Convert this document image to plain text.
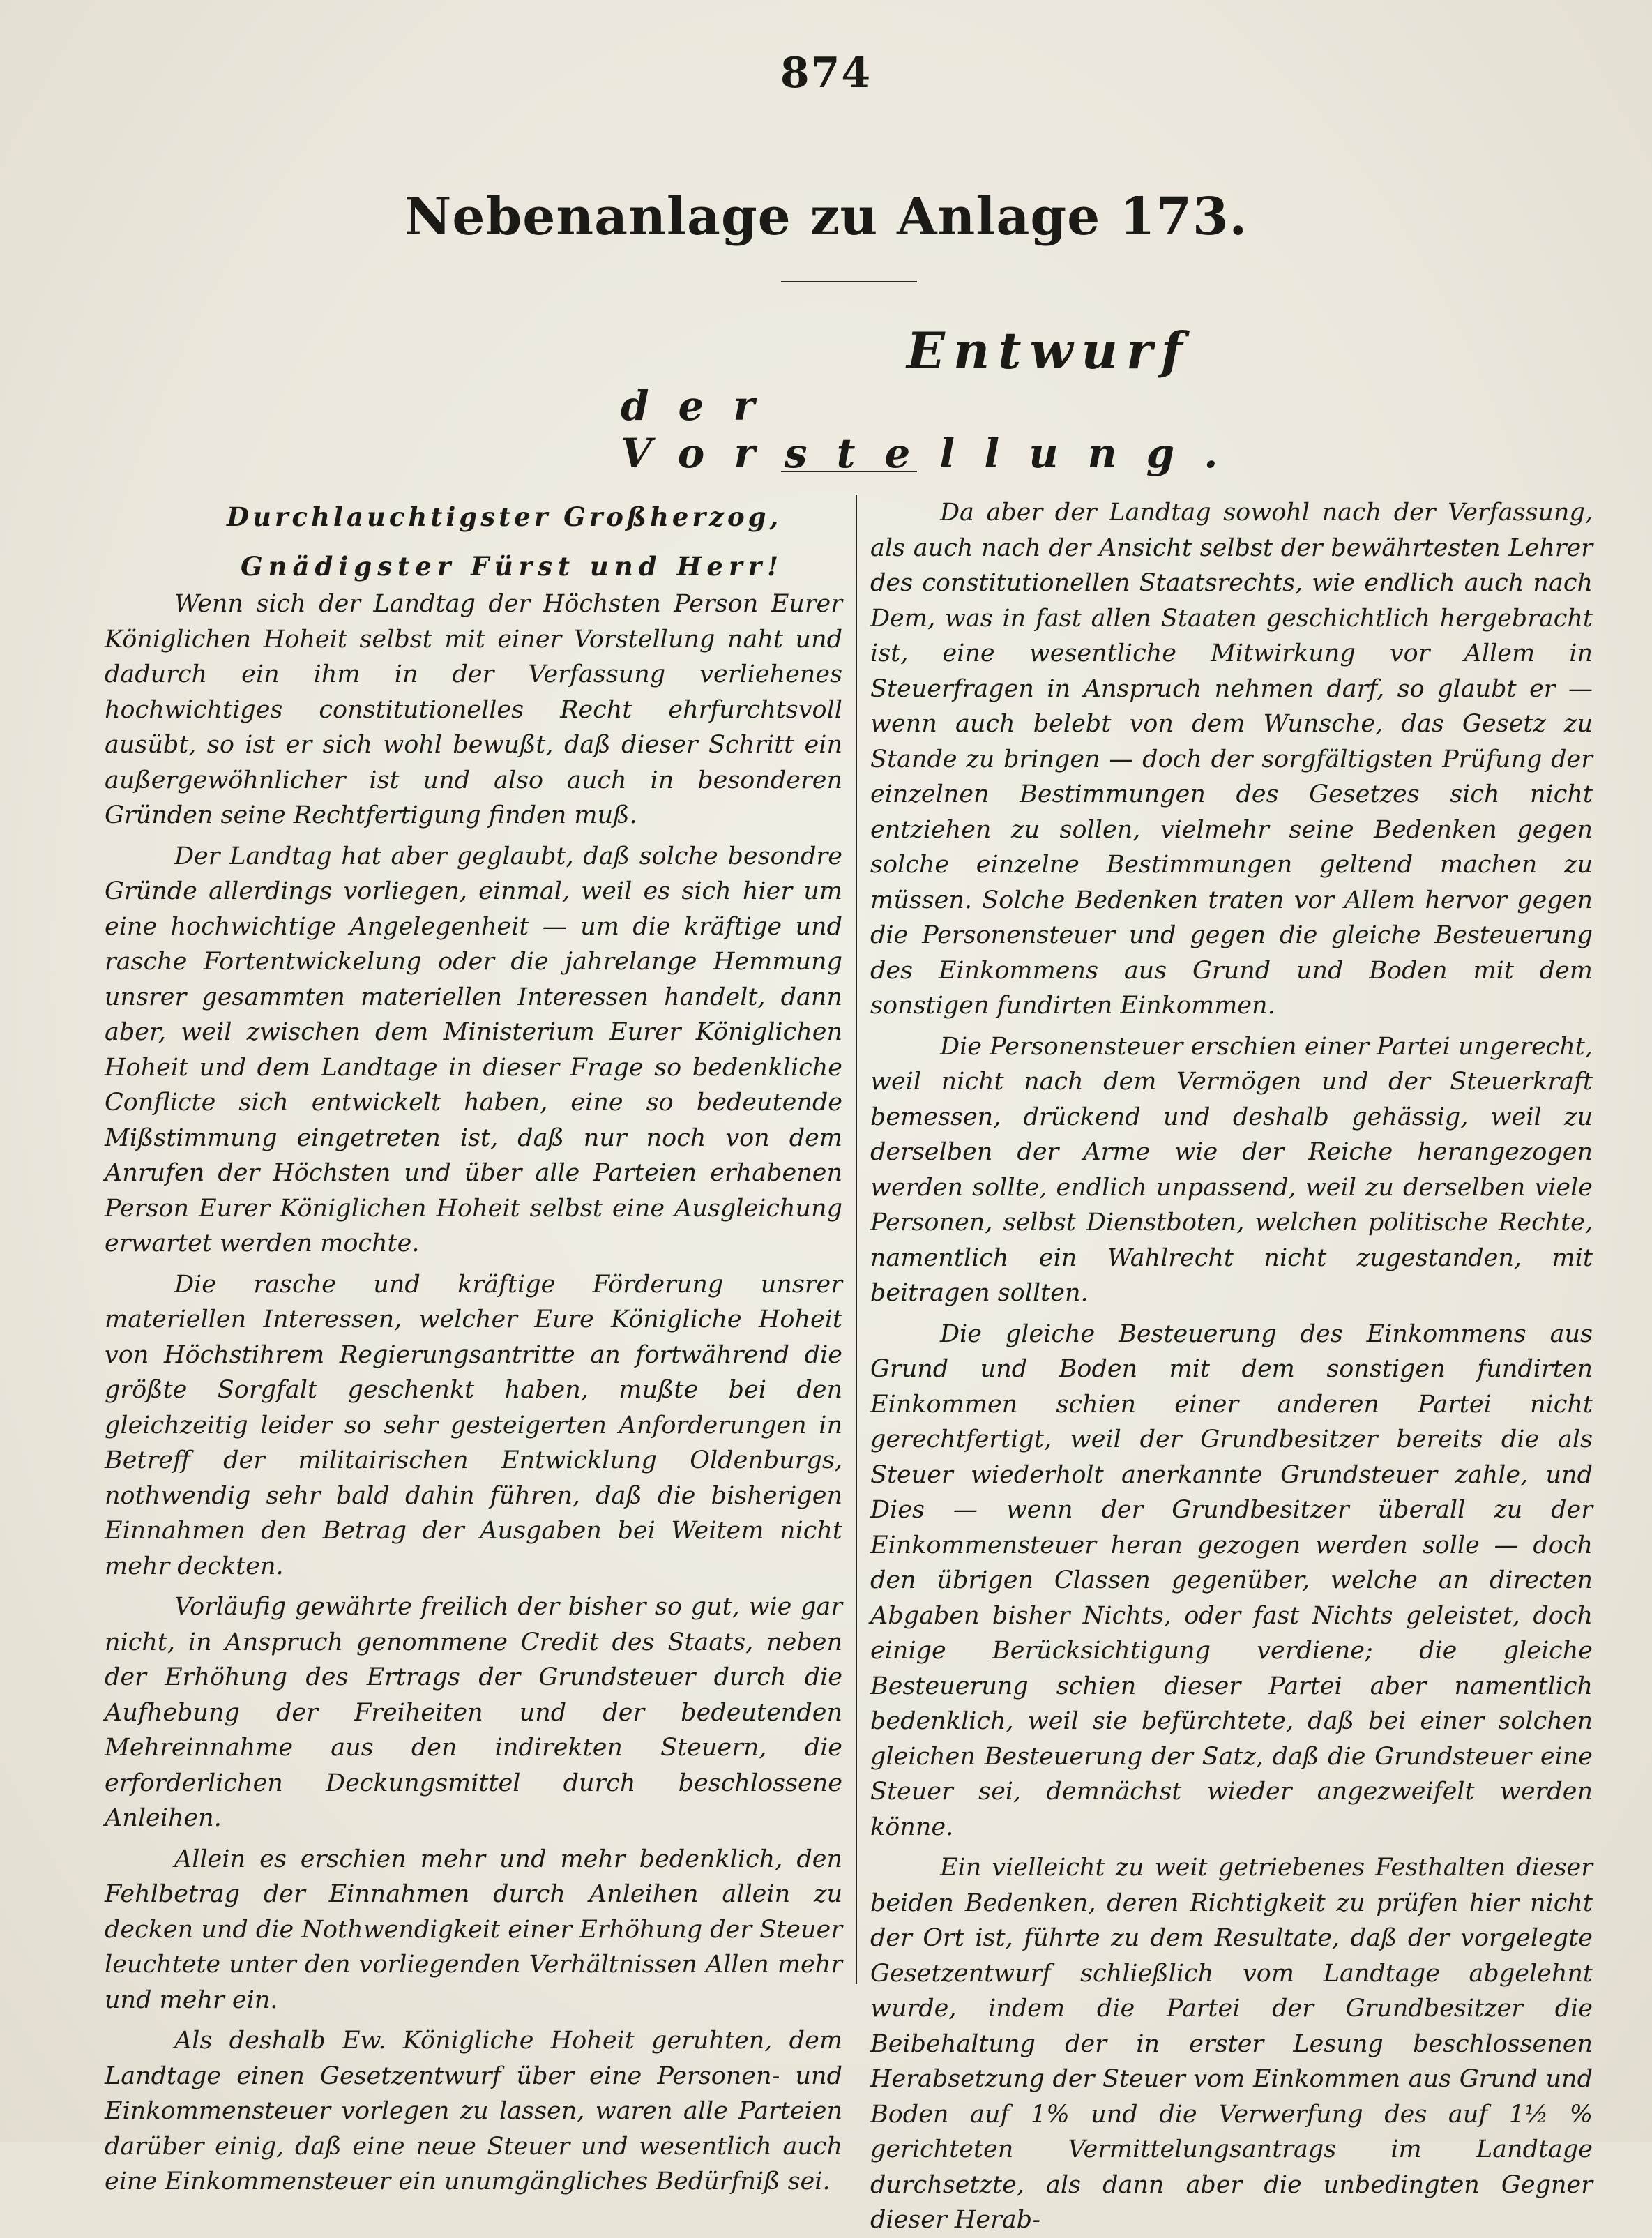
874
Nebenanlage zu Anlage 173.
Entwurf
der Vorstellung.
Durchlauchtigster Großherzog,
Gnädigster Fürst und Herr!

Wenn sich der Landtag der Höchsten Person Eurer Königlichen Hoheit selbst mit einer Vorstellung naht und dadurch ein ihm in der Verfassung verliehenes hochwichtiges constitutionelles Recht ehrfurchtsvoll ausübt, so ist er sich wohl bewußt, daß dieser Schritt ein außergewöhnlicher ist und also auch in besonderen Gründen seine Rechtfertigung finden muß.

Der Landtag hat aber geglaubt, daß solche besondre Gründe allerdings vorliegen, einmal, weil es sich hier um eine hochwichtige Angelegenheit — um die kräftige und rasche Fortentwickelung oder die jahrelange Hemmung unsrer gesammten materiellen Interessen handelt, dann aber, weil zwischen dem Ministerium Eurer Königlichen Hoheit und dem Landtage in dieser Frage so bedenkliche Conflicte sich entwickelt haben, eine so bedeutende Mißstimmung eingetreten ist, daß nur noch von dem Anrufen der Höchsten und über alle Parteien erhabenen Person Eurer Königlichen Hoheit selbst eine Ausgleichung erwartet werden mochte.

Die rasche und kräftige Förderung unsrer materiellen Interessen, welcher Eure Königliche Hoheit von Höchstihrem Regierungsantritte an fortwährend die größte Sorgfalt geschenkt haben, mußte bei den gleichzeitig leider so sehr gesteigerten Anforderungen in Betreff der militairischen Entwicklung Oldenburgs, nothwendig sehr bald dahin führen, daß die bisherigen Einnahmen den Betrag der Ausgaben bei Weitem nicht mehr deckten.

Vorläufig gewährte freilich der bisher so gut, wie gar nicht, in Anspruch genommene Credit des Staats, neben der Erhöhung des Ertrags der Grundsteuer durch die Aufhebung der Freiheiten und der bedeutenden Mehreinnahme aus den indirekten Steuern, die erforderlichen Deckungsmittel durch beschlossene Anleihen.

Allein es erschien mehr und mehr bedenklich, den Fehlbetrag der Einnahmen durch Anleihen allein zu decken und die Nothwendigkeit einer Erhöhung der Steuer leuchtete unter den vorliegenden Verhältnissen Allen mehr und mehr ein.

Als deshalb Ew. Königliche Hoheit geruhten, dem Landtage einen Gesetzentwurf über eine Personen- und Einkommensteuer vorlegen zu lassen, waren alle Parteien darüber einig, daß eine neue Steuer und wesentlich auch eine Einkommensteuer ein unumgängliches Bedürfniß sei.

Da aber der Landtag sowohl nach der Verfassung, als auch nach der Ansicht selbst der bewährtesten Lehrer des constitutionellen Staatsrechts, wie endlich auch nach Dem, was in fast allen Staaten geschichtlich hergebracht ist, eine wesentliche Mitwirkung vor Allem in Steuerfragen in Anspruch nehmen darf, so glaubt er — wenn auch belebt von dem Wunsche, das Gesetz zu Stande zu bringen — doch der sorgfältigsten Prüfung der einzelnen Bestimmungen des Gesetzes sich nicht entziehen zu sollen, vielmehr seine Bedenken gegen solche einzelne Bestimmungen geltend machen zu müssen. Solche Bedenken traten vor Allem hervor gegen die Personensteuer und gegen die gleiche Besteuerung des Einkommens aus Grund und Boden mit dem sonstigen fundirten Einkommen.

Die Personensteuer erschien einer Partei ungerecht, weil nicht nach dem Vermögen und der Steuerkraft bemessen, drückend und deshalb gehässig, weil zu derselben der Arme wie der Reiche herangezogen werden sollte, endlich unpassend, weil zu derselben viele Personen, selbst Dienstboten, welchen politische Rechte, namentlich ein Wahlrecht nicht zugestanden, mit beitragen sollten.

Die gleiche Besteuerung des Einkommens aus Grund und Boden mit dem sonstigen fundirten Einkommen schien einer anderen Partei nicht gerechtfertigt, weil der Grundbesitzer bereits die als Steuer wiederholt anerkannte Grundsteuer zahle, und Dies — wenn der Grundbesitzer überall zu der Einkommensteuer heran gezogen werden solle — doch den übrigen Classen gegenüber, welche an directen Abgaben bisher Nichts, oder fast Nichts geleistet, doch einige Berücksichtigung verdiene; die gleiche Besteuerung schien dieser Partei aber namentlich bedenklich, weil sie befürchtete, daß bei einer solchen gleichen Besteuerung der Satz, daß die Grundsteuer eine Steuer sei, demnächst wieder angezweifelt werden könne.

Ein vielleicht zu weit getriebenes Festhalten dieser beiden Bedenken, deren Richtigkeit zu prüfen hier nicht der Ort ist, führte zu dem Resultate, daß der vorgelegte Gesetzentwurf schließlich vom Landtage abgelehnt wurde, indem die Partei der Grundbesitzer die Beibehaltung der in erster Lesung beschlossenen Herabsetzung der Steuer vom Einkommen aus Grund und Boden auf 1% und die Verwerfung des auf 1½ % gerichteten Vermittelungsantrags im Landtage durchsetzte, als dann aber die unbedingten Gegner dieser Herab-
